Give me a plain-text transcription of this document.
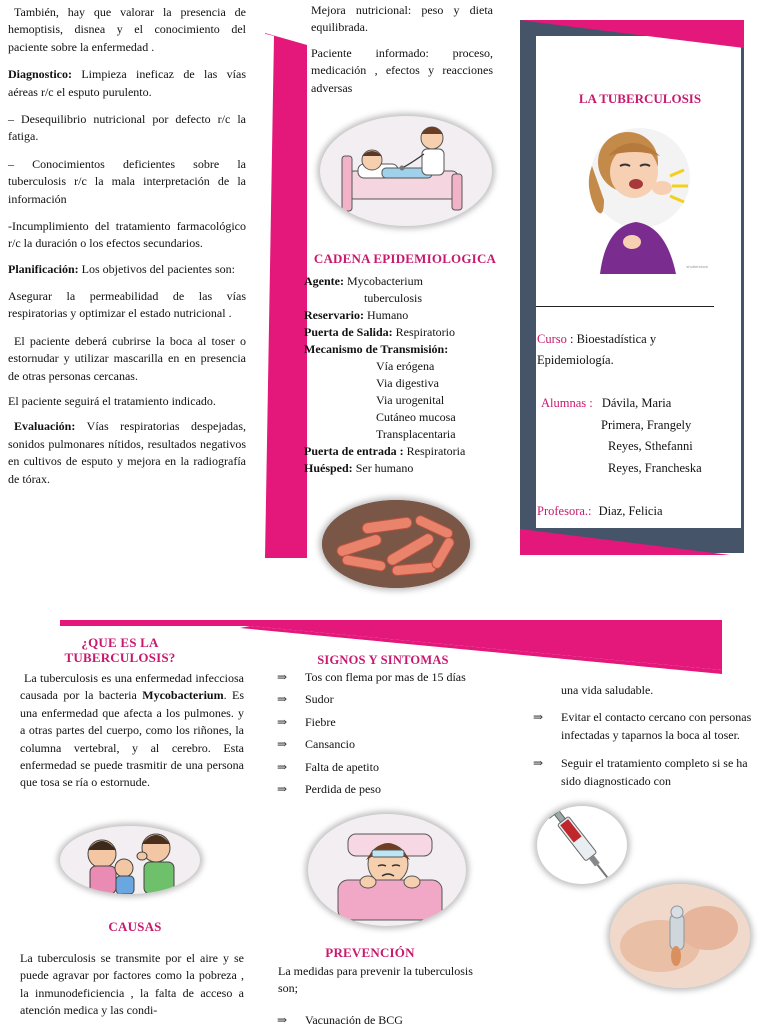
También, hay que valorar la presencia de hemoptisis, disnea y el conocimiento del paciente sobre la enfermedad .

Diagnostico: Limpieza ineficaz de las vías aéreas r/c el esputo purulento.

– Desequilibrio nutricional por defecto r/c la fatiga.

– Conocimientos deficientes sobre la tuberculosis r/c la mala interpretación de la información

-Incumplimiento del tratamiento farmacológico r/c la duración o los efectos secundarios.

Planificación: Los objetivos del pacientes son:

Asegurar la permeabilidad de las vías respiratorias y optimizar el estado nutricional .

El paciente deberá cubrirse la boca al toser o estornudar y utilizar mascarilla en en presencia de otras personas cercanas.

El paciente seguirá el tratamiento indicado.

Evaluación: Vías respiratorias despejadas, sonidos pulmonares nítidos, resultados negativos en cultivos de esputo y mejora en la radiografía de tórax.

Mejora nutricional: peso y dieta equilibrada.

Paciente informado: proceso, medicación , efectos y reacciones adversas

CADENA EPIDEMIOLOGICA
Agente: Mycobacterium
tuberculosis
Reservario: Humano
Puerta de Salida: Respiratorio
Mecanismo de Transmisión:
Vía erógena
Via digestiva
Via urogenital
Cutáneo mucosa
Transplacentaria
Puerta de entrada : Respiratoria
Huésped: Ser humano
LA TUBERCULOSIS
shutterstock
Curso : Bioestadística y Epidemiología.
Alumnas : Dávila, Maria
Primera, Frangely
Reyes, Sthefanni
Reyes, Francheska
Profesora.: Diaz, Felicia
¿QUE ES LA
TUBERCULOSIS?
La tuberculosis es una enfermedad infecciosa causada por la bacteria Mycobacterium. Es una enfermedad que afecta a los pulmones. y a otras partes del cuerpo, como los riñones, la columna vertebral, y al cerebro. Esta enfermedad se puede trasmitir de una persona que tosa se ría o estornude.
CAUSAS
La tuberculosis se transmite por el aire y se puede agravar por factores como la pobreza , la inmunodeficiencia , la falta de acceso a atención medica y las condi-
SIGNOS Y SINTOMAS
⇒ Tos con flema por mas de 15 días
⇒ Sudor
⇒ Fiebre
⇒ Cansancio
⇒ Falta de apetito
⇒ Perdida de peso
PREVENCIÓN
La medidas para prevenir la tuberculosis son;
⇒ Vacunación de BCG
una vida saludable.
⇒ Evitar el contacto cercano con personas infectadas y taparnos la boca al toser.
⇒ Seguir el tratamiento completo si se ha sido diagnosticado con
